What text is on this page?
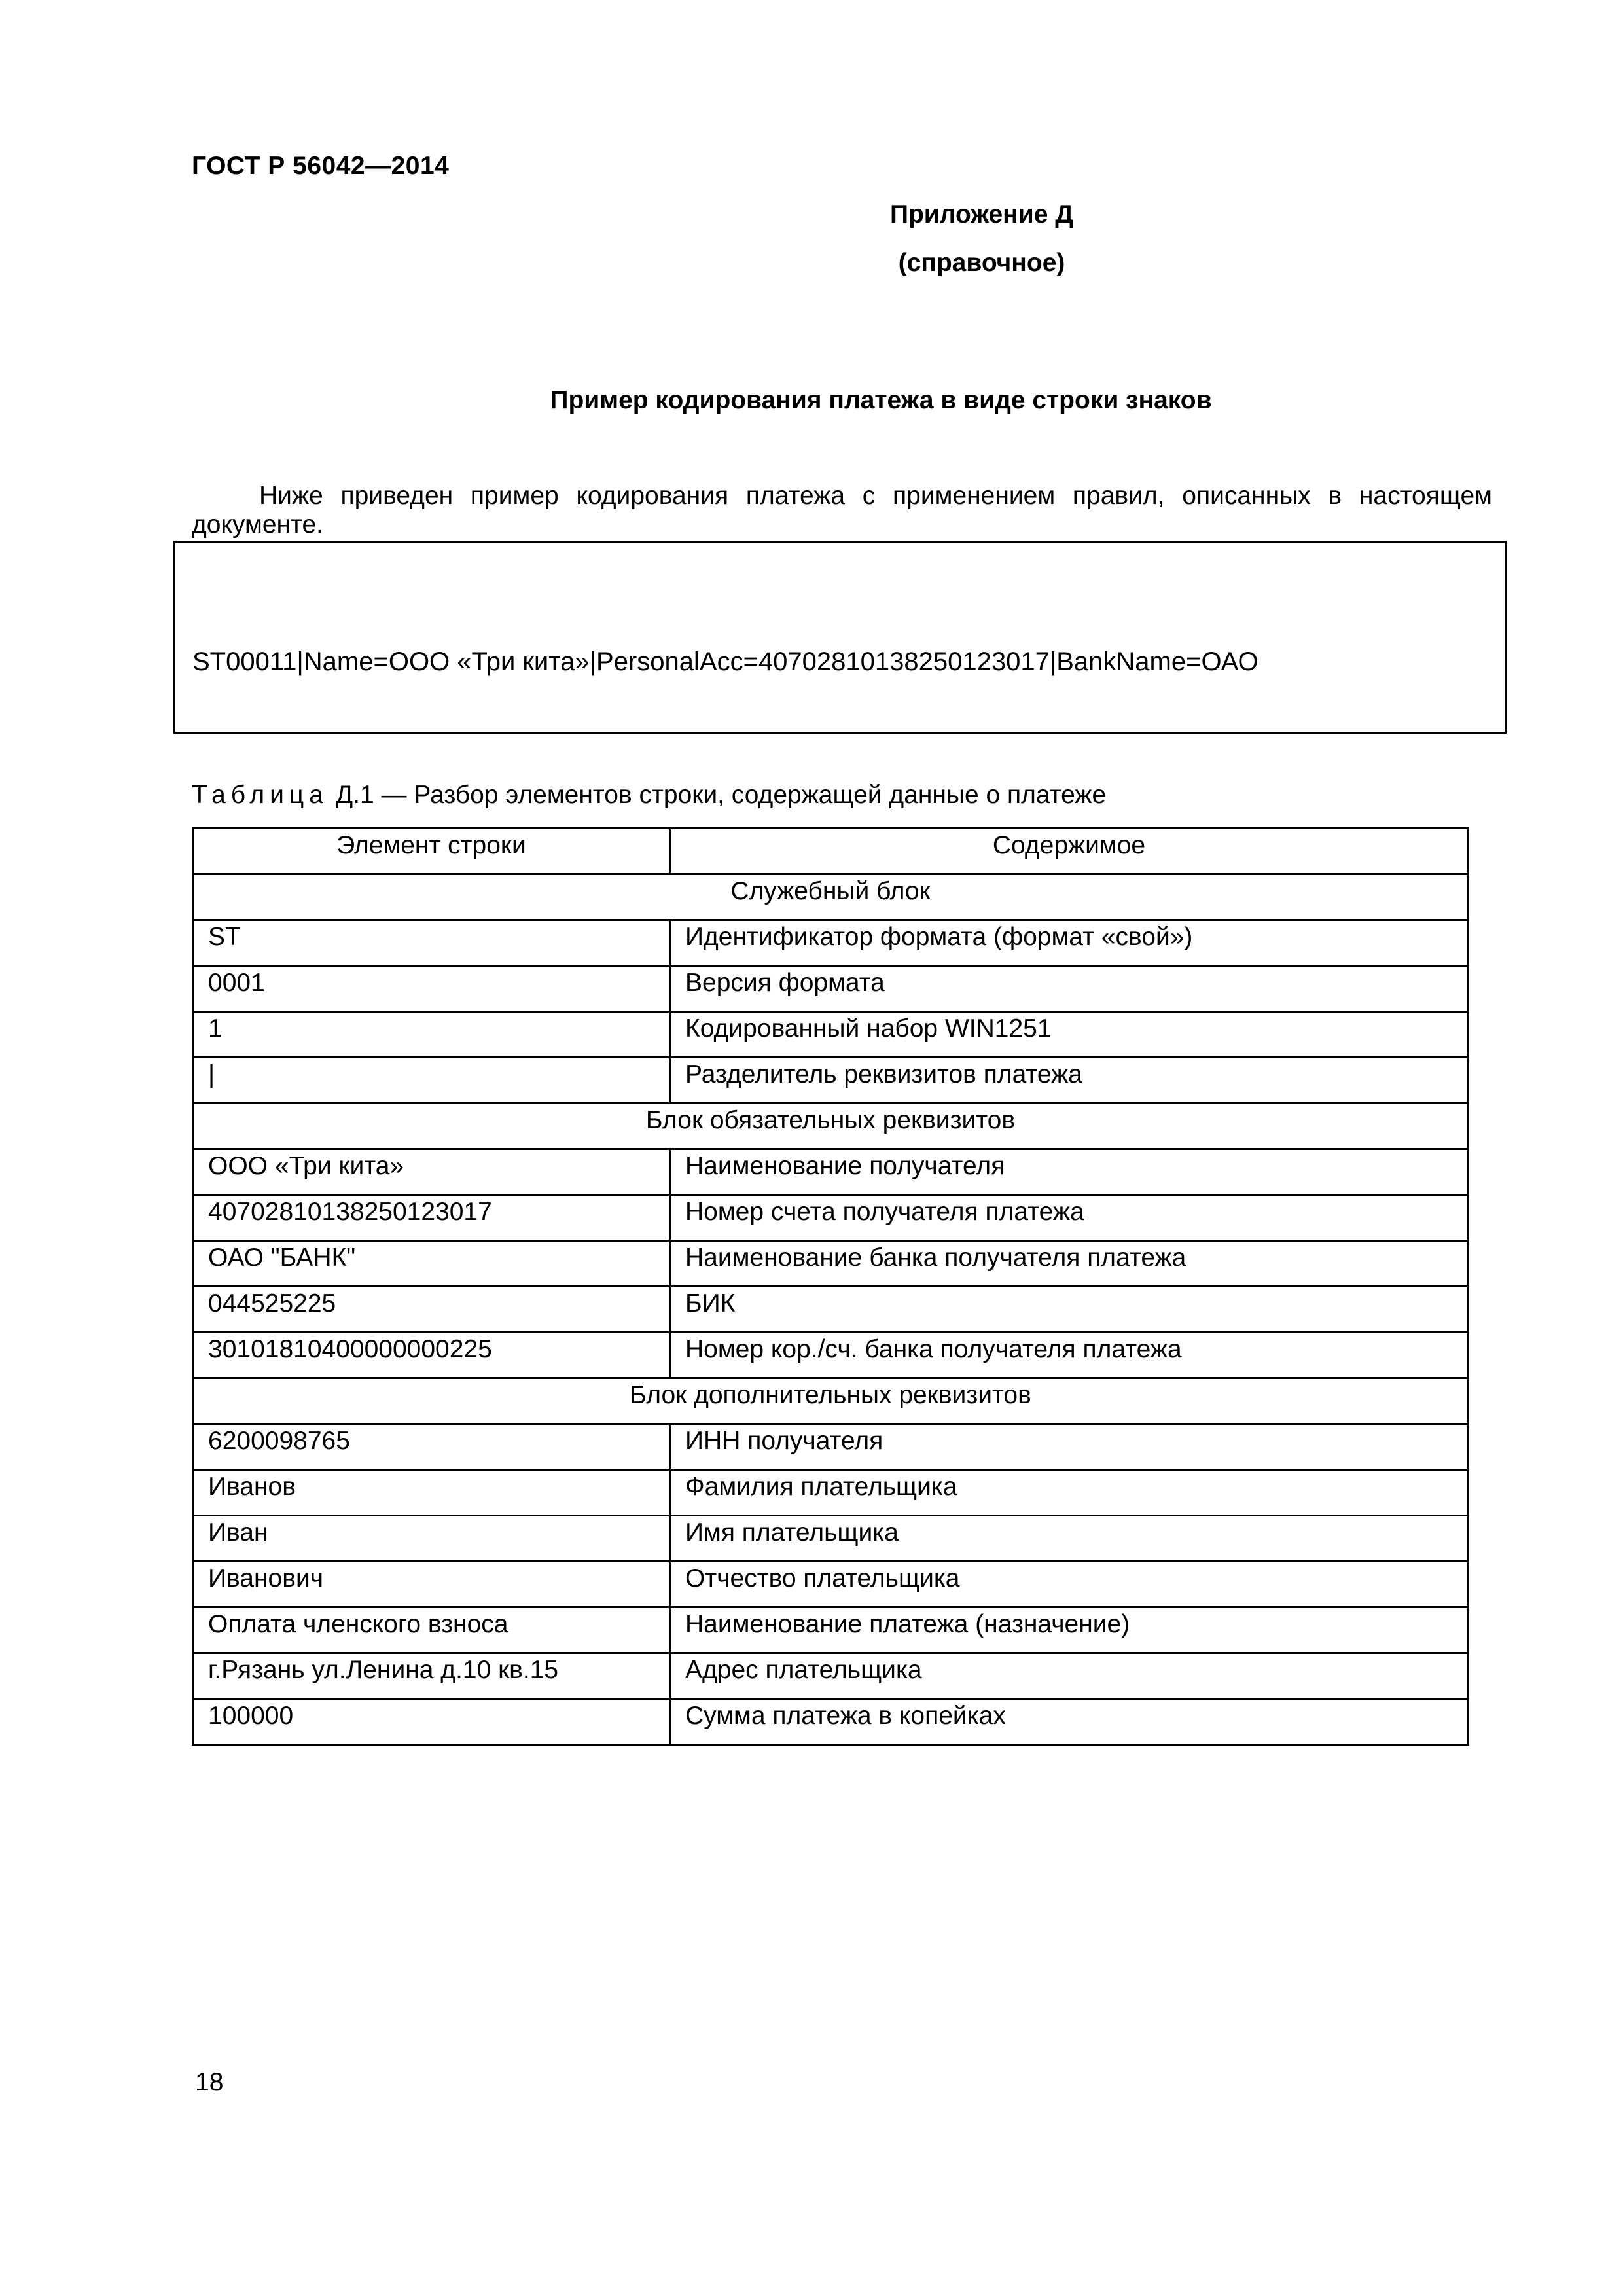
ГОСТ Р 56042—2014
Приложение Д
(справочное)
Пример кодирования платежа в виде строки знаков
Ниже приведен пример кодирования платежа с применением правил, описанных в настоящем документе.

ST00011|Name=ООО «Три кита»|PersonalAcc=40702810138250123017|BankName=ОАО

Таблица Д.1 — Разбор элементов строки, содержащей данные о платеже
Элемент строки	Содержимое
Служебный блок	
ST	Идентификатор формата (формат «свой»)
0001	Версия формата
1	Кодированный набор WIN1251
|	Разделитель реквизитов платежа
Блок обязательных реквизитов	
ООО «Три кита»	Наименование получателя
40702810138250123017	Номер счета получателя платежа
ОАО "БАНК"	Наименование банка получателя платежа
044525225	БИК
30101810400000000225	Номер кор./сч. банка получателя платежа
Блок дополнительных реквизитов	
6200098765	ИНН получателя
Иванов	Фамилия плательщика
Иван	Имя плательщика
Иванович	Отчество плательщика
Оплата членского взноса	Наименование платежа (назначение)
г.Рязань ул.Ленина д.10 кв.15	Адрес плательщика
100000	Сумма платежа в копейках
18
